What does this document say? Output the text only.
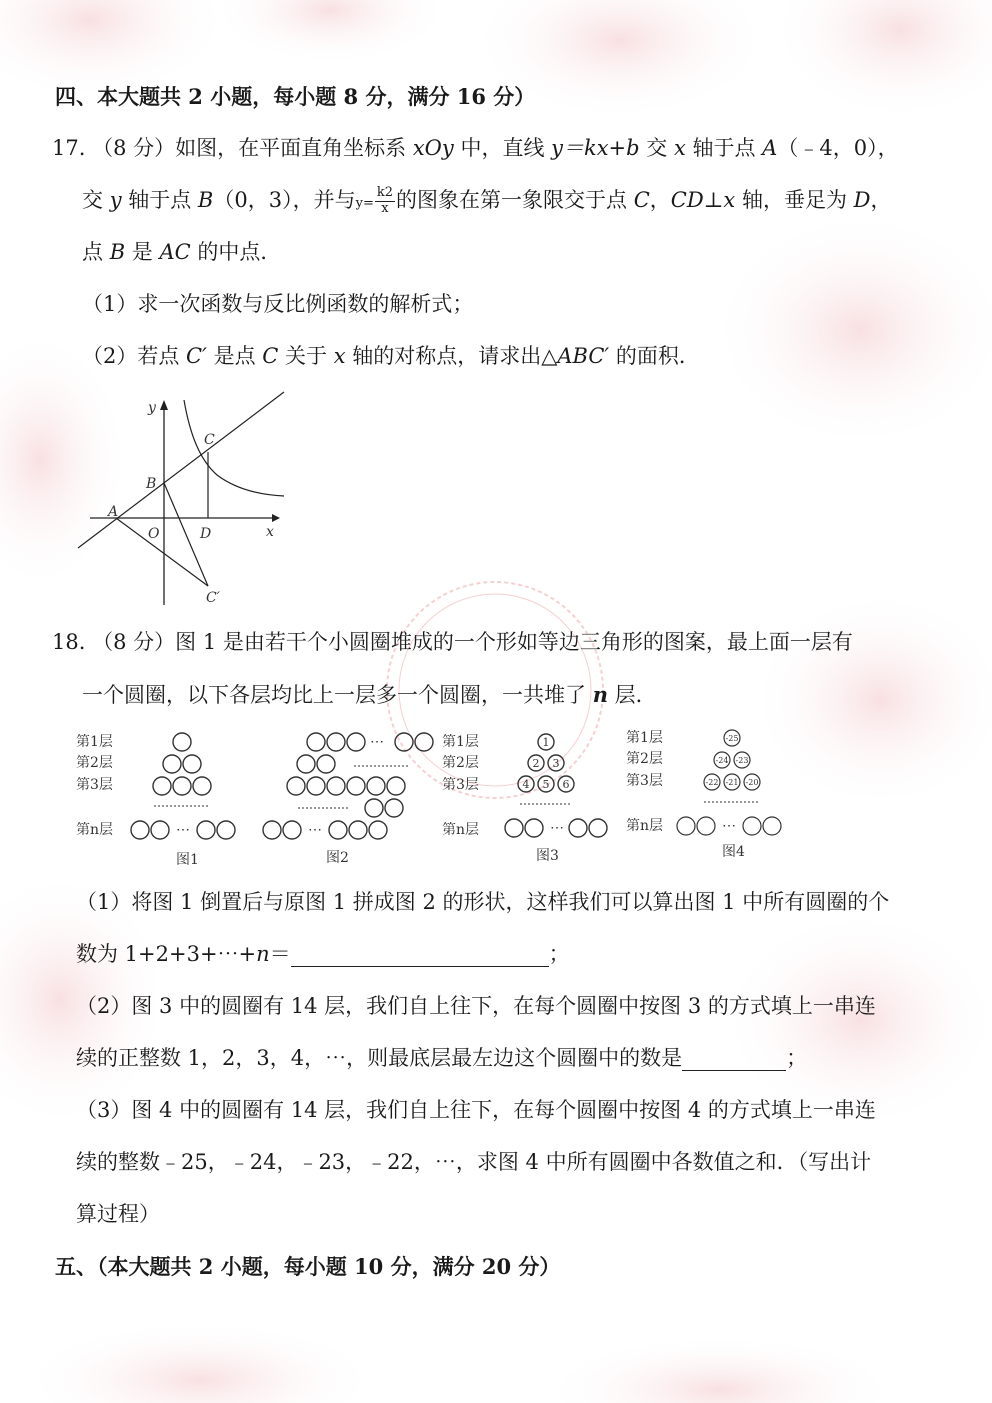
四、本大题共 2 小题，每小题 8 分，满分 16 分）
17. （8 分）如图，在平面直角坐标系 xOy 中，直线 y＝kx+b 交 x 轴于点 A（﹣4，0），
交 y 轴于点 B（0，3），并与$y= \frac{k2}{x}$ 的图象在第一象限交于点 C，CD⊥x 轴，垂足为 D，
点 B 是 AC 的中点．
（1）求一次函数与反比例函数的解析式；
（2）若点 C′ 是点 C 关于 x 轴的对称点，请求出△ABC′ 的面积．
y
x
A
B
C
O	D
C′
18. （8 分）图 1 是由若干个小圆圈堆成的一个形如等边三角形的图案，最上面一层有
一个圆圈，以下各层均比上一层多一个圆圈，一共堆了 n 层．
第1层
第2层
第3层
第n层	⋯
图1
⋯
⋯
图2
第1层
第2层
第3层
第n层
1
2 3
4 5 6
⋯
图3
第1层
第2层
第3层
第n层
-25
-24 -23
-22 -21 -20
⋯
图4
（1）将图 1 倒置后与原图 1 拼成图 2 的形状，这样我们可以算出图 1 中所有圆圈的个
数为 1+2+3+⋯+n＝	；
（2）图 3 中的圆圈有 14 层，我们自上往下，在每个圆圈中按图 3 的方式填上一串连
续的正整数 1，2，3，4，⋯，则最底层最左边这个圆圈中的数是	；
（3）图 4 中的圆圈有 14 层，我们自上往下，在每个圆圈中按图 4 的方式填上一串连
续的整数﹣25，﹣24，﹣23，﹣22，⋯，求图 4 中所有圆圈中各数值之和．（写出计
算过程）
五、（本大题共 2 小题，每小题 10 分，满分 20 分）
